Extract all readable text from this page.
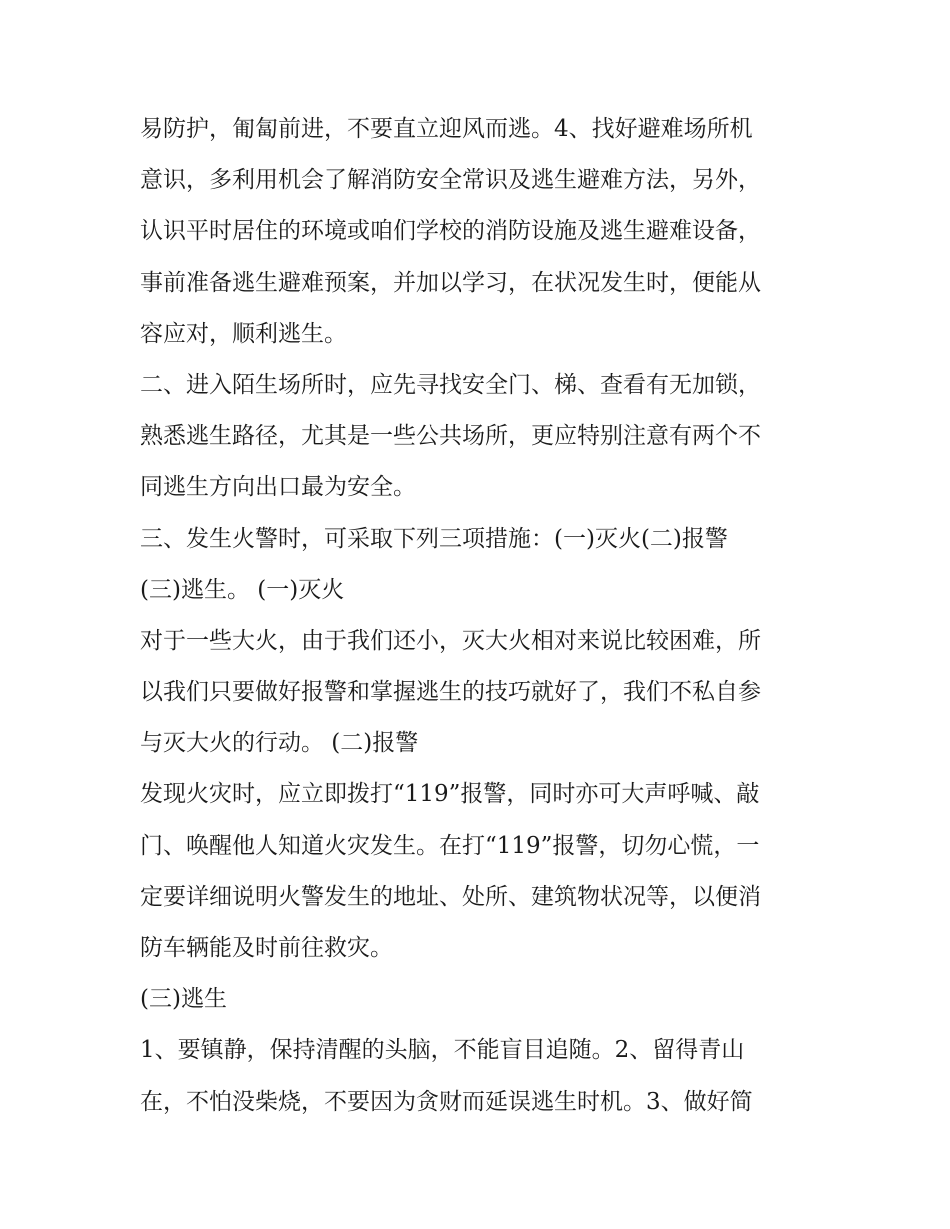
易防护，匍匐前进，不要直立迎风而逃。4、找好避难场所机
意识，多利用机会了解消防安全常识及逃生避难方法，另外，
认识平时居住的环境或咱们学校的消防设施及逃生避难设备，
事前准备逃生避难预案，并加以学习，在状况发生时，便能从
容应对，顺利逃生。
二、进入陌生场所时，应先寻找安全门、梯、查看有无加锁，
熟悉逃生路径，尤其是一些公共场所，更应特别注意有两个不
同逃生方向出口最为安全。
三、发生火警时，可采取下列三项措施：(一)灭火(二)报警
(三)逃生。 (一)灭火
对于一些大火，由于我们还小，灭大火相对来说比较困难，所
以我们只要做好报警和掌握逃生的技巧就好了，我们不私自参
与灭大火的行动。 (二)报警
发现火灾时，应立即拨打“119”报警，同时亦可大声呼喊、敲
门、唤醒他人知道火灾发生。在打“119”报警，切勿心慌，一
定要详细说明火警发生的地址、处所、建筑物状况等，以便消
防车辆能及时前往救灾。
(三)逃生
1、要镇静，保持清醒的头脑，不能盲目追随。2、留得青山
在，不怕没柴烧，不要因为贪财而延误逃生时机。3、做好简
